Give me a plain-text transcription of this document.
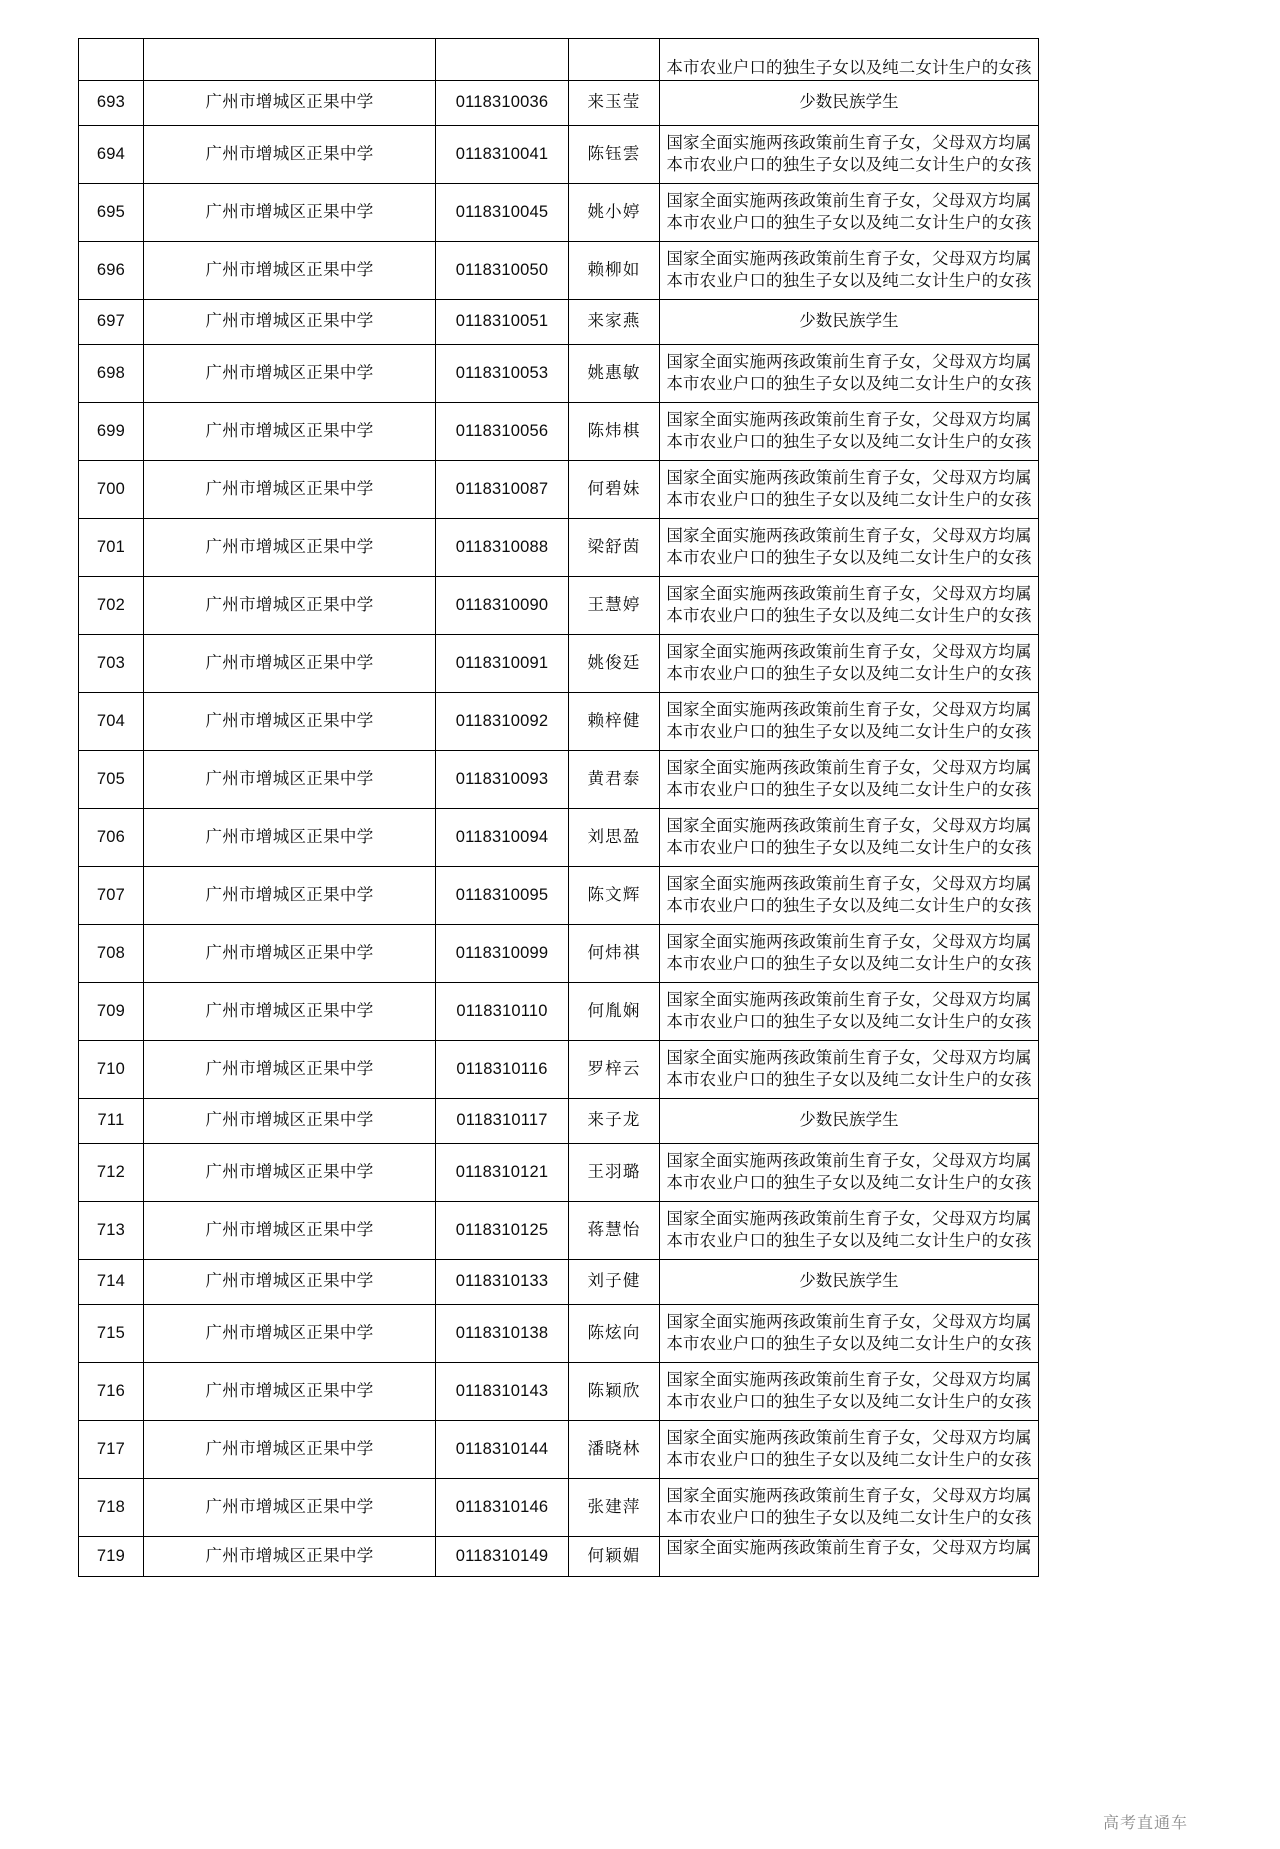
				本市农业户口的独生子女以及纯二女计生户的女孩

693	广州市增城区正果中学	0118310036	来玉莹	少数民族学生

694	广州市增城区正果中学	0118310041	陈钰雲	国家全面实施两孩政策前生育子女，父母双方均属
本市农业户口的独生子女以及纯二女计生户的女孩

695	广州市增城区正果中学	0118310045	姚小婷	国家全面实施两孩政策前生育子女，父母双方均属
本市农业户口的独生子女以及纯二女计生户的女孩

696	广州市增城区正果中学	0118310050	赖柳如	国家全面实施两孩政策前生育子女，父母双方均属
本市农业户口的独生子女以及纯二女计生户的女孩

697	广州市增城区正果中学	0118310051	来家燕	少数民族学生

698	广州市增城区正果中学	0118310053	姚惠敏	国家全面实施两孩政策前生育子女，父母双方均属
本市农业户口的独生子女以及纯二女计生户的女孩

699	广州市增城区正果中学	0118310056	陈炜棋	国家全面实施两孩政策前生育子女，父母双方均属
本市农业户口的独生子女以及纯二女计生户的女孩

700	广州市增城区正果中学	0118310087	何碧妹	国家全面实施两孩政策前生育子女，父母双方均属
本市农业户口的独生子女以及纯二女计生户的女孩

701	广州市增城区正果中学	0118310088	梁舒茵	国家全面实施两孩政策前生育子女，父母双方均属
本市农业户口的独生子女以及纯二女计生户的女孩

702	广州市增城区正果中学	0118310090	王慧婷	国家全面实施两孩政策前生育子女，父母双方均属
本市农业户口的独生子女以及纯二女计生户的女孩

703	广州市增城区正果中学	0118310091	姚俊廷	国家全面实施两孩政策前生育子女，父母双方均属
本市农业户口的独生子女以及纯二女计生户的女孩

704	广州市增城区正果中学	0118310092	赖梓健	国家全面实施两孩政策前生育子女，父母双方均属
本市农业户口的独生子女以及纯二女计生户的女孩

705	广州市增城区正果中学	0118310093	黄君泰	国家全面实施两孩政策前生育子女，父母双方均属
本市农业户口的独生子女以及纯二女计生户的女孩

706	广州市增城区正果中学	0118310094	刘思盈	国家全面实施两孩政策前生育子女，父母双方均属
本市农业户口的独生子女以及纯二女计生户的女孩

707	广州市增城区正果中学	0118310095	陈文辉	国家全面实施两孩政策前生育子女，父母双方均属
本市农业户口的独生子女以及纯二女计生户的女孩

708	广州市增城区正果中学	0118310099	何炜祺	国家全面实施两孩政策前生育子女，父母双方均属
本市农业户口的独生子女以及纯二女计生户的女孩

709	广州市增城区正果中学	0118310110	何胤娴	国家全面实施两孩政策前生育子女，父母双方均属
本市农业户口的独生子女以及纯二女计生户的女孩

710	广州市增城区正果中学	0118310116	罗梓云	国家全面实施两孩政策前生育子女，父母双方均属
本市农业户口的独生子女以及纯二女计生户的女孩

711	广州市增城区正果中学	0118310117	来子龙	少数民族学生

712	广州市增城区正果中学	0118310121	王羽璐	国家全面实施两孩政策前生育子女，父母双方均属
本市农业户口的独生子女以及纯二女计生户的女孩

713	广州市增城区正果中学	0118310125	蒋慧怡	国家全面实施两孩政策前生育子女，父母双方均属
本市农业户口的独生子女以及纯二女计生户的女孩

714	广州市增城区正果中学	0118310133	刘子健	少数民族学生

715	广州市增城区正果中学	0118310138	陈炫向	国家全面实施两孩政策前生育子女，父母双方均属
本市农业户口的独生子女以及纯二女计生户的女孩

716	广州市增城区正果中学	0118310143	陈颖欣	国家全面实施两孩政策前生育子女，父母双方均属
本市农业户口的独生子女以及纯二女计生户的女孩

717	广州市增城区正果中学	0118310144	潘晓林	国家全面实施两孩政策前生育子女，父母双方均属
本市农业户口的独生子女以及纯二女计生户的女孩

718	广州市增城区正果中学	0118310146	张建萍	国家全面实施两孩政策前生育子女，父母双方均属
本市农业户口的独生子女以及纯二女计生户的女孩

719	广州市增城区正果中学	0118310149	何颖媚	国家全面实施两孩政策前生育子女，父母双方均属
高考直通车
